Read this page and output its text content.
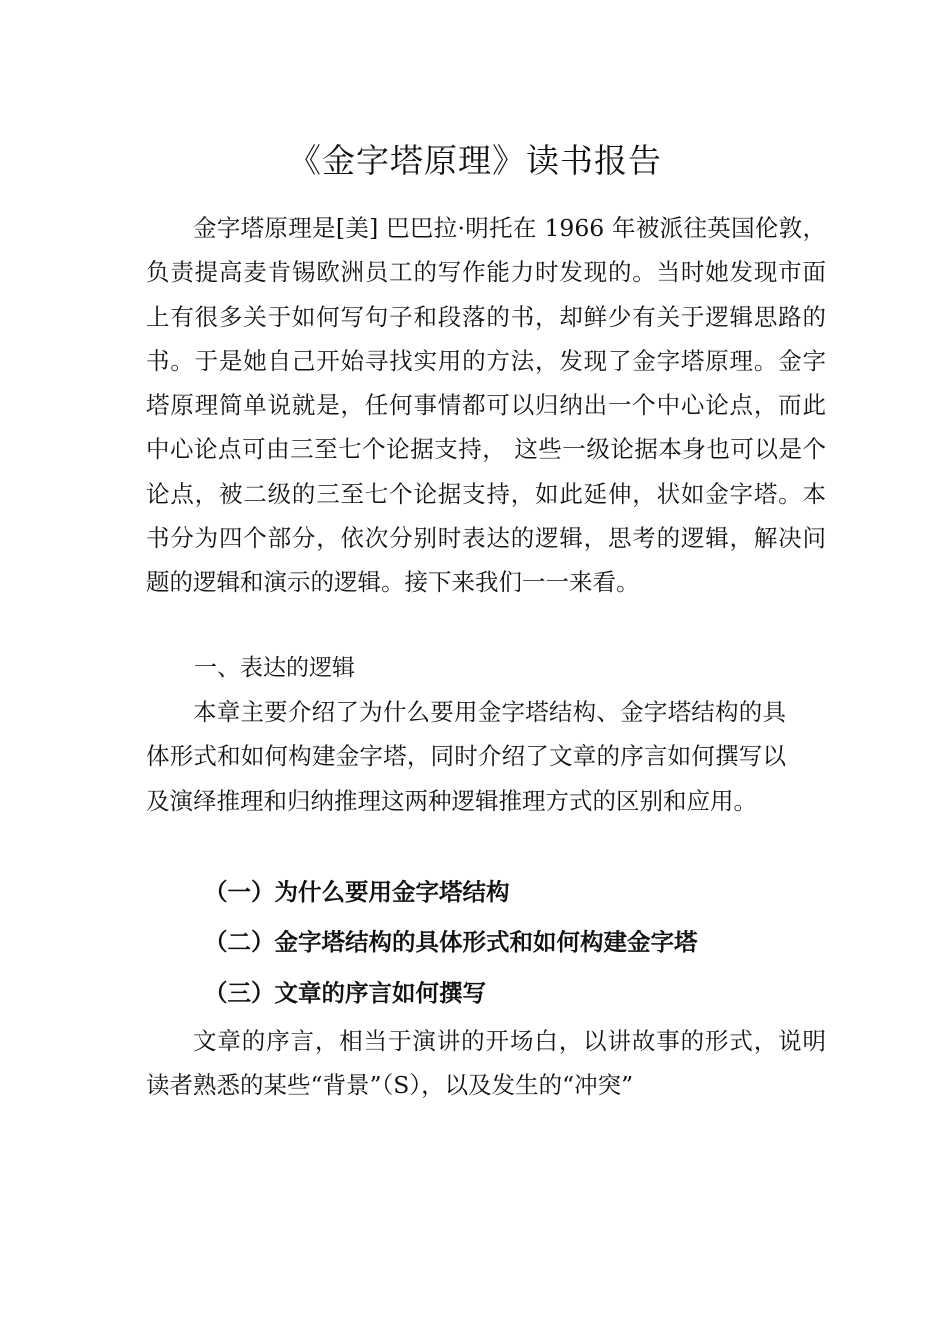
《金字塔原理》读书报告

金字塔原理是[美] 巴巴拉·明托在 1966 年被派往英国伦敦，负责提高麦肯锡欧洲员工的写作能力时发现的。当时她发现市面上有很多关于如何写句子和段落的书，却鲜少有关于逻辑思路的书。于是她自己开始寻找实用的方法，发现了金字塔原理。金字塔原理简单说就是，任何事情都可以归纳出一个中心论点，而此中心论点可由三至七个论据支持， 这些一级论据本身也可以是个论点，被二级的三至七个论据支持，如此延伸，状如金字塔。本书分为四个部分，依次分别时表达的逻辑，思考的逻辑，解决问题的逻辑和演示的逻辑。接下来我们一一来看。

一、表达的逻辑

本章主要介绍了为什么要用金字塔结构、金字塔结构的具体形式和如何构建金字塔，同时介绍了文章的序言如何撰写以及演绎推理和归纳推理这两种逻辑推理方式的区别和应用。

（一）为什么要用金字塔结构
（二）金字塔结构的具体形式和如何构建金字塔
（三）文章的序言如何撰写

文章的序言，相当于演讲的开场白，以讲故事的形式，说明读者熟悉的某些“背景”（S），以及发生的“冲突”
